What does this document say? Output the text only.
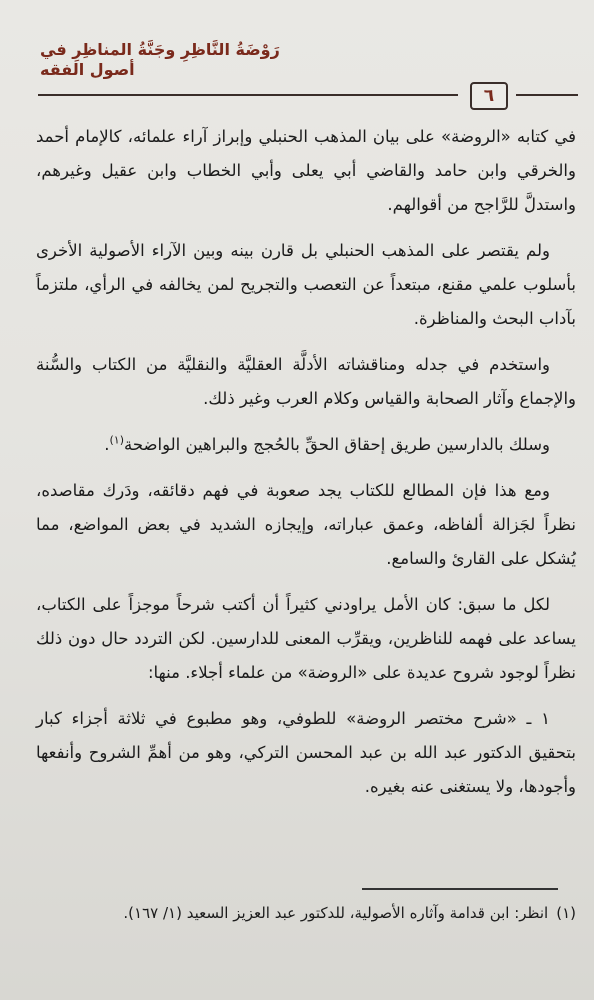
رَوْضَةُ النَّاظِرِ وجَنَّةُ المناظِرِ في أصول الفقه
٦

في كتابه «الروضة» على بيان المذهب الحنبلي وإبراز آراء علمائه، كالإمام أحمد والخرقي وابن حامد والقاضي أبي يعلى وأبي الخطاب وابن عقيل وغيرهم، واستدلَّ للرَّاجح من أقوالهم.

ولم يقتصر على المذهب الحنبلي بل قارن بينه وبين الآراء الأصولية الأخرى بأسلوب علمي مقنع، مبتعداً عن التعصب والتجريح لمن يخالفه في الرأي، ملتزماً بآداب البحث والمناظرة.

واستخدم في جدله ومناقشاته الأدلَّة العقليَّة والنقليَّة من الكتاب والسُّنة والإجماع وآثار الصحابة والقياس وكلام العرب وغير ذلك.

وسلك بالدارسين طريق إحقاق الحقِّ بالحُجج والبراهين الواضحة$^{(١)}$.

ومع هذا فإن المطالع للكتاب يجد صعوبة في فهم دقائقه، ودَرك مقاصده، نظراً لجَزالة ألفاظه، وعمق عباراته، وإيجازه الشديد في بعض المواضع، مما يُشكل على القارئ والسامع.

لكل ما سبق: كان الأمل يراودني كثيراً أن أكتب شرحاً موجزاً على الكتاب، يساعد على فهمه للناظرين، ويقرِّب المعنى للدارسين. لكن التردد حال دون ذلك نظراً لوجود شروح عديدة على «الروضة» من علماء أجلاء. منها:

١ ـ «شرح مختصر الروضة» للطوفي، وهو مطبوع في ثلاثة أجزاء كبار بتحقيق الدكتور عبد الله بن عبد المحسن التركي، وهو من أهمِّ الشروح وأنفعها وأجودها، ولا يستغنى عنه بغيره.

(١)انظر: ابن قدامة وآثاره الأصولية، للدكتور عبد العزيز السعيد (١/ ١٦٧).
